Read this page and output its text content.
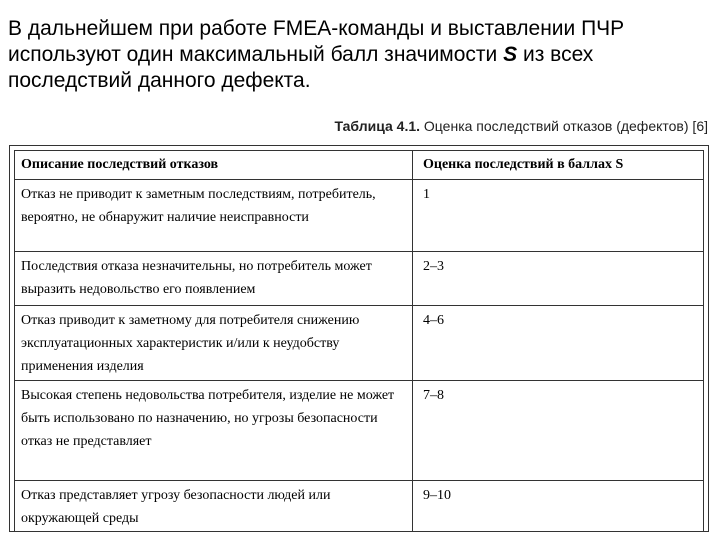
В дальнейшем при работе FMEA-команды и выставлении ПЧР используют один максимальный балл значимости S из всех последствий данного дефекта.

Таблица 4.1. Оценка последствий отказов (дефектов) [6]
Описание последствий отказов	Оценка последствий в баллах S
Отказ не приводит к заметным последствиям, потребитель, вероятно, не обнаружит наличие неисправности	1
Последствия отказа незначительны, но потребитель может выразить недовольство его появлением	2–3
Отказ приводит к заметному для потребителя снижению эксплуатационных характеристик и/или к неудобству применения изделия	4–6
Высокая степень недовольства потребителя, изделие не может быть использовано по назначению, но угрозы безопасности отказ не представляет	7–8
Отказ представляет угрозу безопасности людей или окружающей среды	9–10
